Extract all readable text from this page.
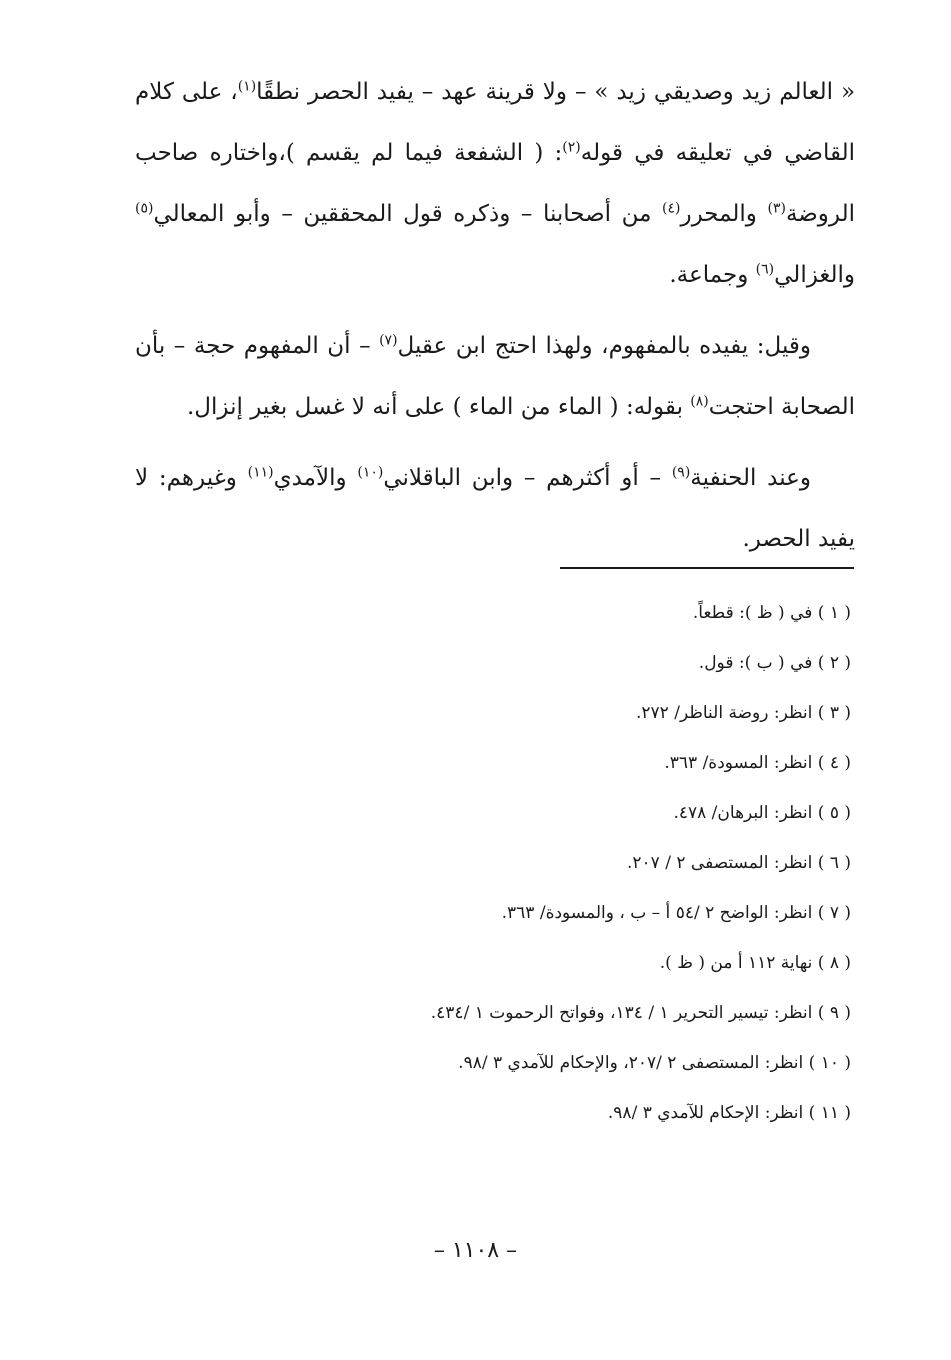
« العالم زيد وصديقي زيد » – ولا قرينة عهد – يفيد الحصر نطقًا$^{(١)}$، على كلام القاضي في تعليقه في قوله$^{(٢)}$: ( الشفعة فيما لم يقسم )،واختاره صاحب الروضة$^{(٣)}$ والمحرر$^{(٤)}$ من أصحابنا – وذكره قول المحققين – وأبو المعالي$^{(٥)}$ والغزالي$^{(٦)}$ وجماعة.

وقيل: يفيده بالمفهوم، ولهذا احتج ابن عقيل$^{(٧)}$ – أن المفهوم حجة – بأن الصحابة احتجت$^{(٨)}$ بقوله: ( الماء من الماء ) على أنه لا غسل بغير إنزال.

وعند الحنفية$^{(٩)}$ – أو أكثرهم – وابن الباقلاني$^{(١٠)}$ والآمدي$^{(١١)}$ وغيرهم: لا يفيد الحصر.

( ١ ) في ( ظ ): قطعاً.
( ٢ ) في ( ب ): قول.
( ٣ ) انظر: روضة الناظر/ ٢٧٢.
( ٤ ) انظر: المسودة/ ٣٦٣.
( ٥ ) انظر: البرهان/ ٤٧٨.
( ٦ ) انظر: المستصفى ٢ / ٢٠٧.
( ٧ ) انظر: الواضح ٢ /٥٤ أ – ب ، والمسودة/ ٣٦٣.
( ٨ ) نهاية ١١٢ أ من ( ظ ).
( ٩ ) انظر: تيسير التحرير ١ / ١٣٤، وفواتح الرحموت ١ /٤٣٤.
( ١٠ ) انظر: المستصفى ٢ /٢٠٧، والإحكام للآمدي ٣ /٩٨.
( ١١ ) انظر: الإحكام للآمدي ٣ /٩٨.
– ١١٠٨ –
